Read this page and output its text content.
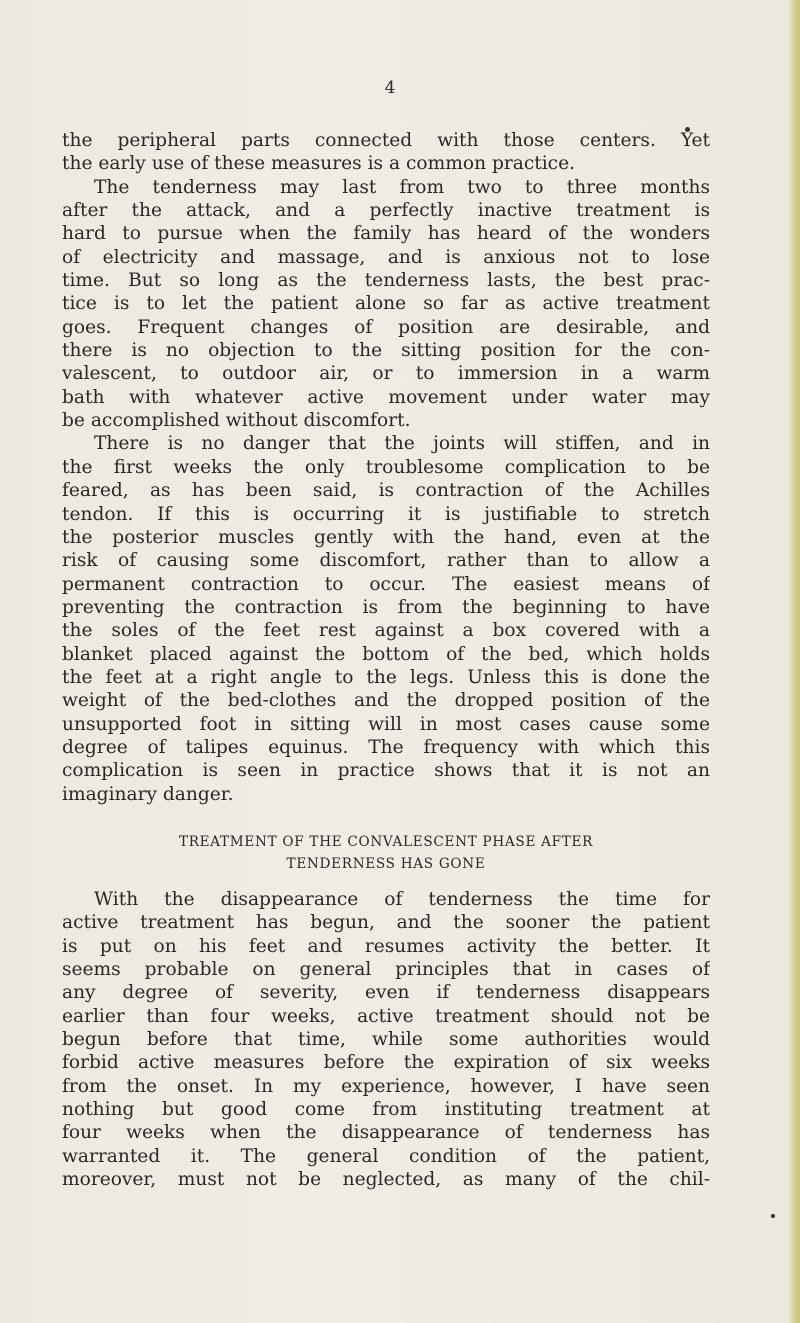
4
the peripheral parts connected with those centers. Yet
the early use of these measures is a common practice.
The tenderness may last from two to three months
after the attack, and a perfectly inactive treatment is
hard to pursue when the family has heard of the wonders
of electricity and massage, and is anxious not to lose
time. But so long as the tenderness lasts, the best prac-
tice is to let the patient alone so far as active treatment
goes. Frequent changes of position are desirable, and
there is no objection to the sitting position for the con-
valescent, to outdoor air, or to immersion in a warm
bath with whatever active movement under water may
be accomplished without discomfort.
There is no danger that the joints will stiffen, and in
the first weeks the only troublesome complication to be
feared, as has been said, is contraction of the Achilles
tendon. If this is occurring it is justifiable to stretch
the posterior muscles gently with the hand, even at the
risk of causing some discomfort, rather than to allow a
permanent contraction to occur. The easiest means of
preventing the contraction is from the beginning to have
the soles of the feet rest against a box covered with a
blanket placed against the bottom of the bed, which holds
the feet at a right angle to the legs. Unless this is done the
weight of the bed-clothes and the dropped position of the
unsupported foot in sitting will in most cases cause some
degree of talipes equinus. The frequency with which this
complication is seen in practice shows that it is not an
imaginary danger.
TREATMENT OF THE CONVALESCENT PHASE AFTER
TENDERNESS HAS GONE
With the disappearance of tenderness the time for
active treatment has begun, and the sooner the patient
is put on his feet and resumes activity the better. It
seems probable on general principles that in cases of
any degree of severity, even if tenderness disappears
earlier than four weeks, active treatment should not be
begun before that time, while some authorities would
forbid active measures before the expiration of six weeks
from the onset. In my experience, however, I have seen
nothing but good come from instituting treatment at
four weeks when the disappearance of tenderness has
warranted it. The general condition of the patient,
moreover, must not be neglected, as many of the chil-
